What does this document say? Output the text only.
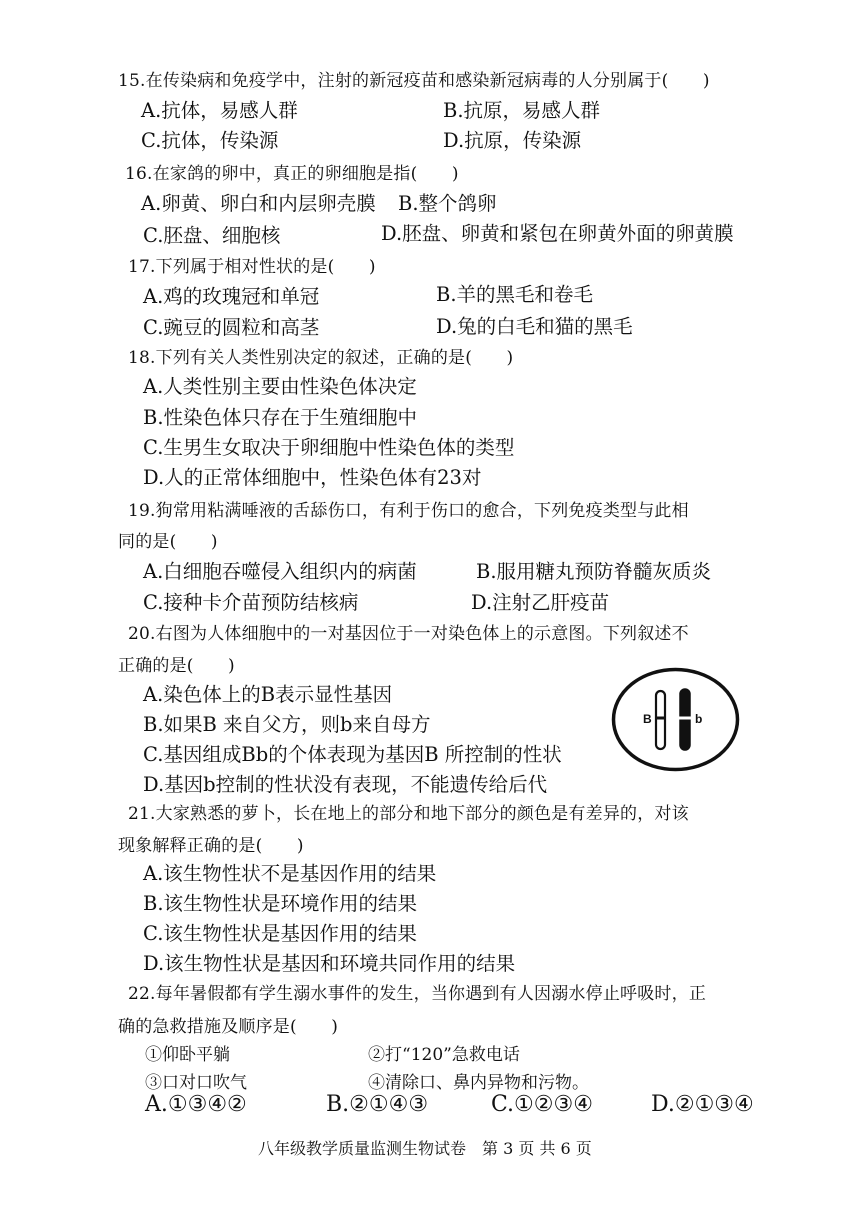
15.在传染病和免疫学中，注射的新冠疫苗和感染新冠病毒的人分别属于(　　)
A.抗体，易感人群	B.抗原，易感人群
C.抗体，传染源	D.抗原，传染源
16.在家鸽的卵中，真正的卵细胞是指(　　)
A.卵黄、卵白和内层卵壳膜 B.整个鸽卵
C.胚盘、细胞核	D.胚盘、卵黄和紧包在卵黄外面的卵黄膜
17.下列属于相对性状的是(　　)
A.鸡的玫瑰冠和单冠	B.羊的黑毛和卷毛
C.豌豆的圆粒和高茎	D.兔的白毛和猫的黑毛
18.下列有关人类性别决定的叙述，正确的是(　　)
A.人类性别主要由性染色体决定
B.性染色体只存在于生殖细胞中
C.生男生女取决于卵细胞中性染色体的类型
D.人的正常体细胞中，性染色体有23对
19.狗常用粘满唾液的舌舔伤口，有利于伤口的愈合，下列免疫类型与此相
同的是(　　)
A.白细胞吞噬侵入组织内的病菌	B.服用糖丸预防脊髓灰质炎
C.接种卡介苗预防结核病	D.注射乙肝疫苗
20.右图为人体细胞中的一对基因位于一对染色体上的示意图。下列叙述不
正确的是(　　)
A.染色体上的B表示显性基因
B.如果B 来自父方，则b来自母方
C.基因组成Bb的个体表现为基因B 所控制的性状
D.基因b控制的性状没有表现，不能遗传给后代
B	b
21.大家熟悉的萝卜，长在地上的部分和地下部分的颜色是有差异的，对该
现象解释正确的是(　　)
A.该生物性状不是基因作用的结果
B.该生物性状是环境作用的结果
C.该生物性状是基因作用的结果
D.该生物性状是基因和环境共同作用的结果
22.每年暑假都有学生溺水事件的发生，当你遇到有人因溺水停止呼吸时，正
确的急救措施及顺序是(　　)
①仰卧平躺	②打“120”急救电话
③口对口吹气	④清除口、鼻内异物和污物。
A.①③④②	B.②①④③	C.①②③④	D.②①③④
八年级教学质量监测生物试卷　第 3 页 共 6 页
